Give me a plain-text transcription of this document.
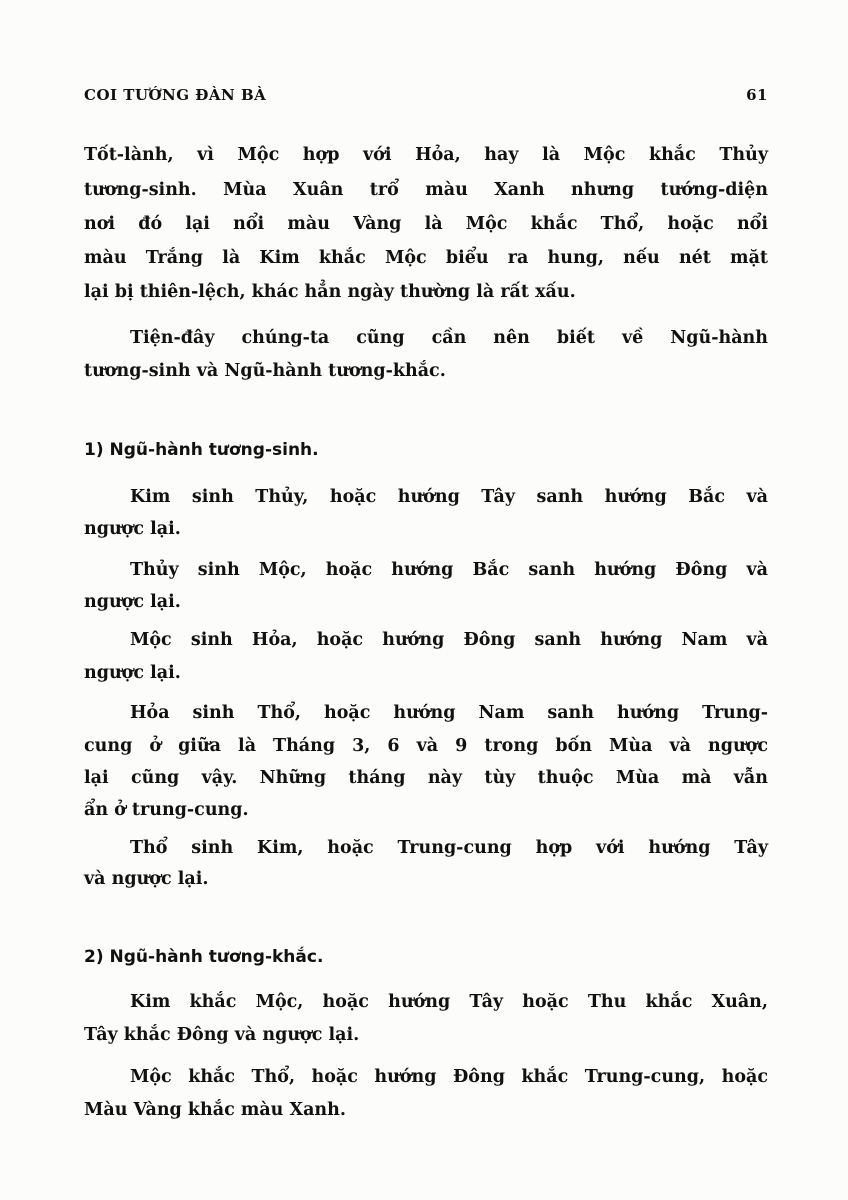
COI TƯỚNG ĐÀN BÀ	61
Tốt-lành, vì Mộc hợp với Hỏa, hay là Mộc khắc Thủy
tương-sinh. Mùa Xuân trổ màu Xanh nhưng tướng-diện
nơi đó lại nổi màu Vàng là Mộc khắc Thổ, hoặc nổi
màu Trắng là Kim khắc Mộc biểu ra hung, nếu nét mặt
lại bị thiên-lệch, khác hẳn ngày thường là rất xấu.
Tiện-đây chúng-ta cũng cần nên biết về Ngũ-hành
tương-sinh và Ngũ-hành tương-khắc.
1) Ngũ-hành tương-sinh.
Kim sinh Thủy, hoặc hướng Tây sanh hướng Bắc và
ngược lại.
Thủy sinh Mộc, hoặc hướng Bắc sanh hướng Đông và
ngược lại.
Mộc sinh Hỏa, hoặc hướng Đông sanh hướng Nam và
ngược lại.
Hỏa sinh Thổ, hoặc hướng Nam sanh hướng Trung-
cung ở giữa là Tháng 3, 6 và 9 trong bốn Mùa và ngược
lại cũng vậy. Những tháng này tùy thuộc Mùa mà vẫn
ẩn ở trung-cung.
Thổ sinh Kim, hoặc Trung-cung hợp với hướng Tây
và ngược lại.
2) Ngũ-hành tương-khắc.
Kim khắc Mộc, hoặc hướng Tây hoặc Thu khắc Xuân,
Tây khắc Đông và ngược lại.
Mộc khắc Thổ, hoặc hướng Đông khắc Trung-cung, hoặc
Màu Vàng khắc màu Xanh.
